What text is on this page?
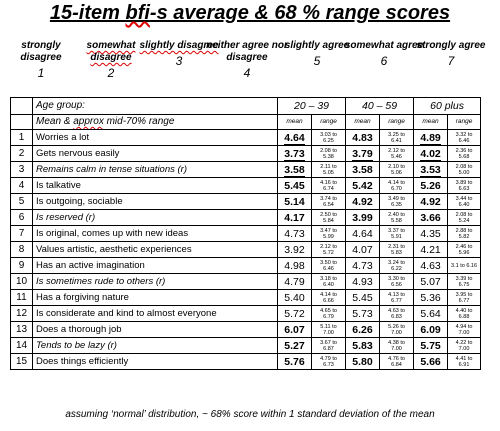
15-item bfi-s average & 68 % range scores
strongly disagree
1
somewhat disagree
2
slightly disagree
3
neither agree nor disagree
4
slightly agree
5
somewhat agree
6
strongly agree
7
	Age group:	20 – 39		40 – 59		60 plus	
	Mean & approx mid-70% range	mean	range	mean	range	mean	range
1	Worries a lot	4.64	3.03 to 6.25	4.83	3.25 to 6.41	4.89	3.32 to 6.46
2	Gets nervous easily	3.73	2.08 to 5.38	3.79	2.12 to 5.46	4.02	2.36 to 5.68
3	Remains calm in tense situations (r)	3.58	2.11 to 5.05	3.58	2.10 to 5.06	3.53	2.08 to 5.00
4	Is talkative	5.45	4.16 to 6.74	5.42	4.14 to 6.70	5.26	3.89 to 6.63
5	Is outgoing, sociable	5.14	3.74 to 6.54	4.92	3.49 to 6.35	4.92	3.44 to 6.40
6	Is reserved (r)	4.17	2.50 to 5.84	3.99	2.40 to 5.58	3.66	2.08 to 5.24
7	Is original, comes up with new ideas	4.73	3.47 to 5.99	4.64	3.37 to 5.91	4.35	2.88 to 5.82
8	Values artistic, aesthetic experiences	3.92	2.12 to 5.72	4.07	2.31 to 5.83	4.21	2.46 to 5.96
9	Has an active imagination	4.98	3.50 to 6.46	4.73	3.24 to 6.22	4.63	3.1 to 6.16
10	Is sometimes rude to others (r)	4.79	3.18 to 6.40	4.93	3.30 to 6.56	5.07	3.39 to 6.75
11	Has a forgiving nature	5.40	4.14 to 6.66	5.45	4.13 to 6.77	5.36	3.95 to 6.77
12	Is considerate and kind to almost everyone	5.72	4.65 to 6.79	5.73	4.63 to 6.83	5.64	4.40 to 6.88
13	Does a thorough job	6.07	5.11 to 7.00	6.26	5.26 to 7.00	6.09	4.94 to 7.00
14	Tends to be lazy (r)	5.27	3.67 to 6.87	5.83	4.38 to 7.00	5.75	4.22 to 7.00
15	Does things efficiently	5.76	4.79 to 6.73	5.80	4.76 to 6.84	5.66	4.41 to 6.91
assuming ‘normal’ distribution, ~ 68% score within 1 standard deviation of the mean
